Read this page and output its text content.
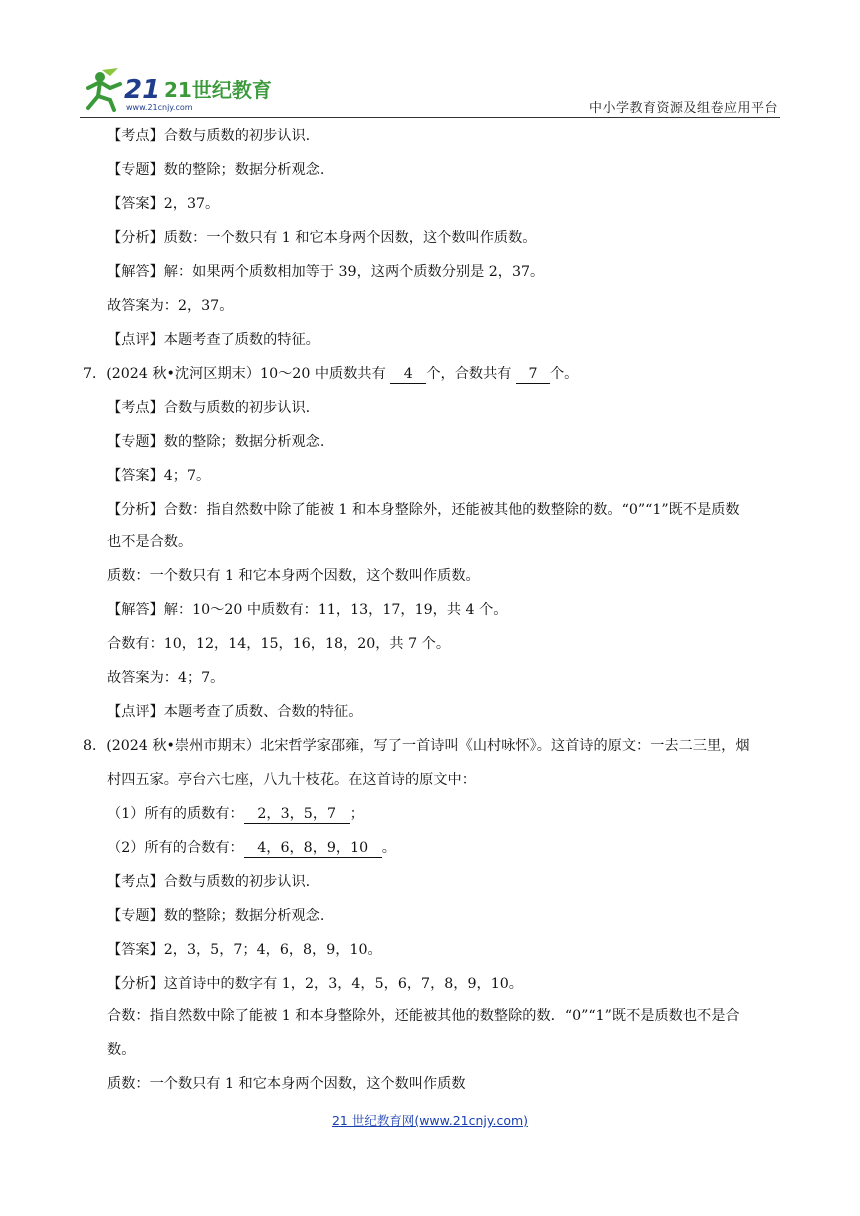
21 21世纪教育
www.21cnjy.com	中小学教育资源及组卷应用平台
【考点】合数与质数的初步认识.
【专题】数的整除；数据分析观念.
【答案】2，37。
【分析】质数：一个数只有 1 和它本身两个因数，这个数叫作质数。
【解答】解：如果两个质数相加等于 39，这两个质数分别是 2，37。
故答案为：2，37。
【点评】本题考查了质数的特征。
7．(2024 秋•沈河区期末）10～20 中质数共有 4 个，合数共有 7 个。
【考点】合数与质数的初步认识.
【专题】数的整除；数据分析观念.
【答案】4；7。
【分析】合数：指自然数中除了能被 1 和本身整除外，还能被其他的数整除的数。“0”“1”既不是质数
也不是合数。
质数：一个数只有 1 和它本身两个因数，这个数叫作质数。
【解答】解：10～20 中质数有：11，13，17，19，共 4 个。
合数有：10，12，14，15，16，18，20，共 7 个。
故答案为：4；7。
【点评】本题考查了质数、合数的特征。
8．(2024 秋•崇州市期末）北宋哲学家邵雍，写了一首诗叫《山村咏怀》。这首诗的原文：一去二三里，烟
村四五家。亭台六七座，八九十枝花。在这首诗的原文中：
（1）所有的质数有： 2，3，5，7 ；
（2）所有的合数有： 4，6，8，9，10 。
【考点】合数与质数的初步认识.
【专题】数的整除；数据分析观念.
【答案】2，3，5，7；4，6，8，9，10。
【分析】这首诗中的数字有 1，2，3，4，5，6，7，8，9，10。
合数：指自然数中除了能被 1 和本身整除外，还能被其他的数整除的数．“0”“1”既不是质数也不是合
数。
质数：一个数只有 1 和它本身两个因数，这个数叫作质数
21 世纪教育网(www.21cnjy.com)
